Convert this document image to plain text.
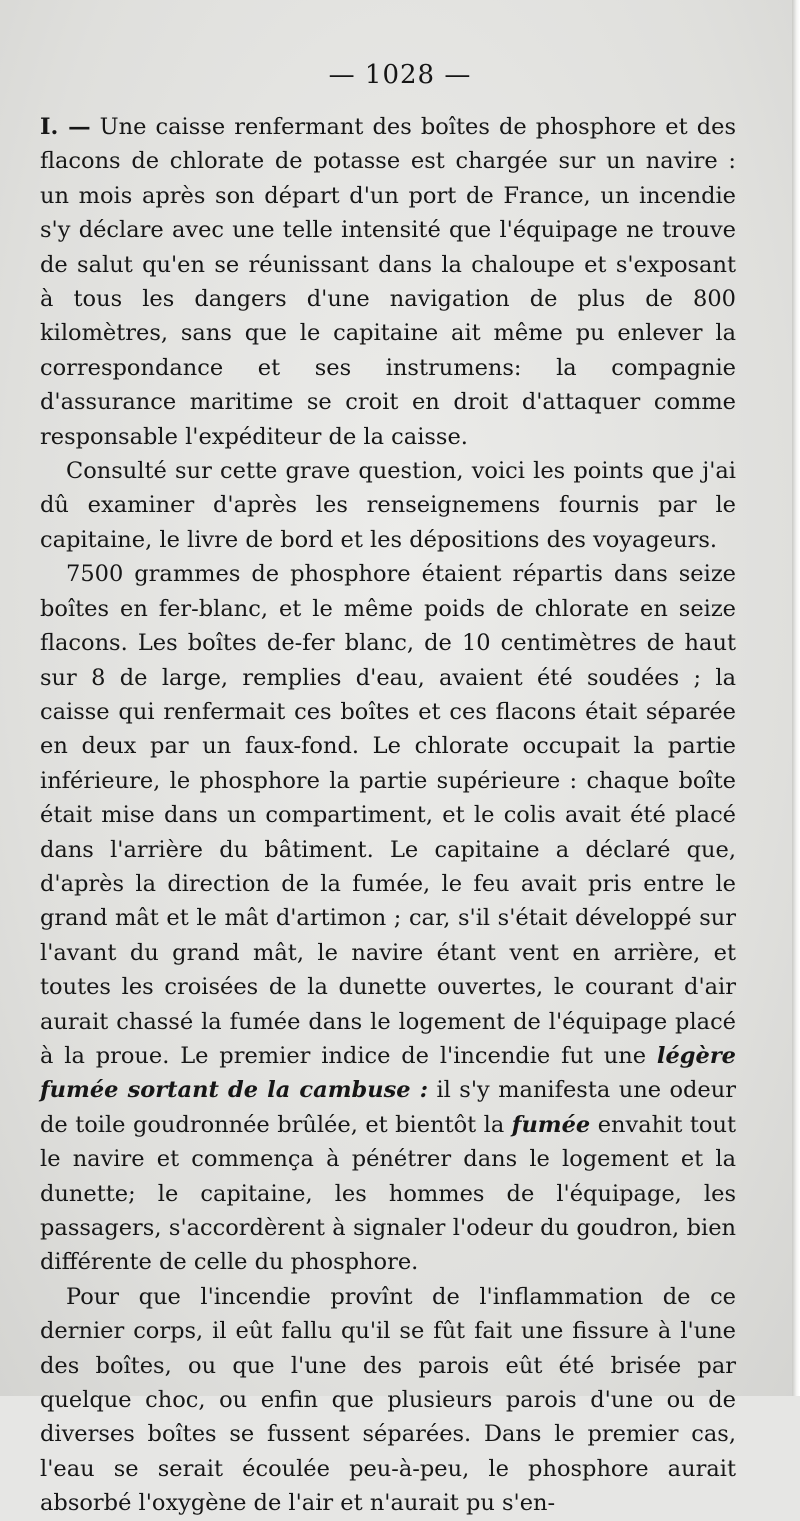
— 1028 —

I. — Une caisse renfermant des boîtes de phosphore et des flacons de chlorate de potasse est chargée sur un navire : un mois après son départ d'un port de France, un incendie s'y déclare avec une telle intensité que l'équipage ne trouve de salut qu'en se réunissant dans la chaloupe et s'exposant à tous les dangers d'une navigation de plus de 800 kilomètres, sans que le capitaine ait même pu enlever la correspondance et ses instrumens: la compagnie d'assurance maritime se croit en droit d'attaquer comme responsable l'expéditeur de la caisse.

Consulté sur cette grave question, voici les points que j'ai dû examiner d'après les renseignemens fournis par le capitaine, le livre de bord et les dépositions des voyageurs.

7500 grammes de phosphore étaient répartis dans seize boîtes en fer-blanc, et le même poids de chlorate en seize flacons. Les boîtes de-fer blanc, de 10 centimètres de haut sur 8 de large, remplies d'eau, avaient été soudées ; la caisse qui renfermait ces boîtes et ces flacons était séparée en deux par un faux-fond. Le chlorate occupait la partie inférieure, le phosphore la partie supérieure : chaque boîte était mise dans un compartiment, et le colis avait été placé dans l'arrière du bâtiment. Le capitaine a déclaré que, d'après la direction de la fumée, le feu avait pris entre le grand mât et le mât d'artimon ; car, s'il s'était développé sur l'avant du grand mât, le navire étant vent en arrière, et toutes les croisées de la dunette ouvertes, le courant d'air aurait chassé la fumée dans le logement de l'équipage placé à la proue. Le premier indice de l'incendie fut une légère fumée sortant de la cambuse : il s'y manifesta une odeur de toile goudronnée brûlée, et bientôt la fumée envahit tout le navire et commença à pénétrer dans le logement et la dunette; le capitaine, les hommes de l'équipage, les passagers, s'accordèrent à signaler l'odeur du goudron, bien différente de celle du phosphore.

Pour que l'incendie provînt de l'inflammation de ce dernier corps, il eût fallu qu'il se fût fait une fissure à l'une des boîtes, ou que l'une des parois eût été brisée par quelque choc, ou enfin que plusieurs parois d'une ou de diverses boîtes se fussent séparées. Dans le premier cas, l'eau se serait écoulée peu-à-peu, le phosphore aurait absorbé l'oxygène de l'air et n'aurait pu s'en-
